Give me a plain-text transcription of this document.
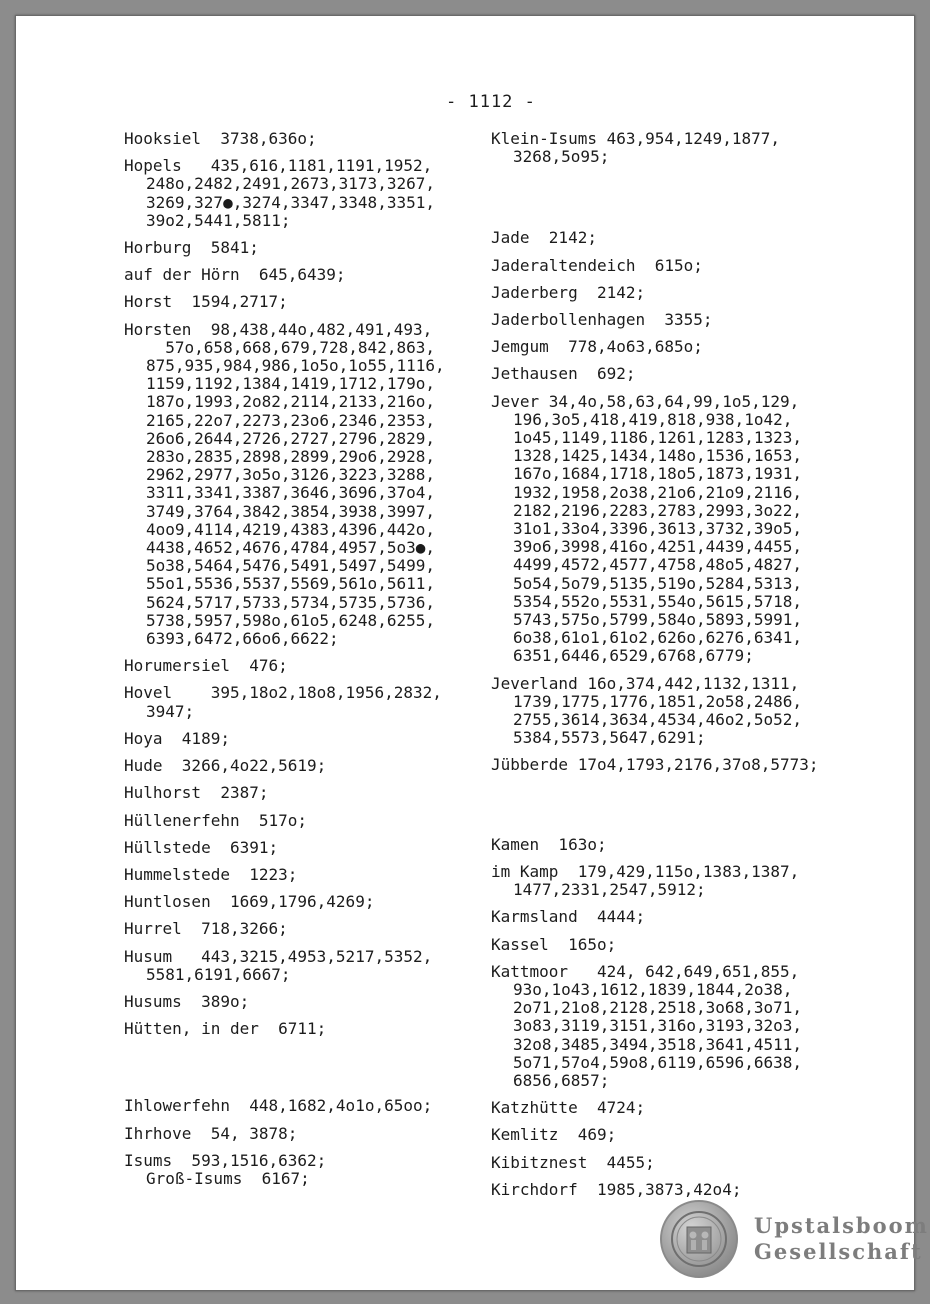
- 1112 -
Hooksiel  3738,636o;
Hopels   435,616,1181,1191,1952,
248o,2482,2491,2673,3173,3267,
3269,327●,3274,3347,3348,3351,
39o2,5441,5811;
Horburg  5841;
auf der Hörn  645,6439;
Horst  1594,2717;
Horsten  98,438,44o,482,491,493,
57o,658,668,679,728,842,863,
875,935,984,986,1o5o,1o55,1116,
1159,1192,1384,1419,1712,179o,
187o,1993,2o82,2114,2133,216o,
2165,22o7,2273,23o6,2346,2353,
26o6,2644,2726,2727,2796,2829,
283o,2835,2898,2899,29o6,2928,
2962,2977,3o5o,3126,3223,3288,
3311,3341,3387,3646,3696,37o4,
3749,3764,3842,3854,3938,3997,
4oo9,4114,4219,4383,4396,442o,
4438,4652,4676,4784,4957,5o3●,
5o38,5464,5476,5491,5497,5499,
55o1,5536,5537,5569,561o,5611,
5624,5717,5733,5734,5735,5736,
5738,5957,598o,61o5,6248,6255,
6393,6472,66o6,6622;
Horumersiel  476;
Hovel    395,18o2,18o8,1956,2832,
3947;
Hoya  4189;
Hude  3266,4o22,5619;
Hulhorst  2387;
Hüllenerfehn  517o;
Hüllstede  6391;
Hummelstede  1223;
Huntlosen  1669,1796,4269;
Hurrel  718,3266;
Husum   443,3215,4953,5217,5352,
5581,6191,6667;
Husums  389o;
Hütten, in der  6711;
Ihlowerfehn  448,1682,4o1o,65oo;
Ihrhove  54, 3878;
Isums  593,1516,6362;
Groß-Isums  6167;
Klein-Isums 463,954,1249,1877,
3268,5o95;
Jade  2142;
Jaderaltendeich  615o;
Jaderberg  2142;
Jaderbollenhagen  3355;
Jemgum  778,4o63,685o;
Jethausen  692;
Jever 34,4o,58,63,64,99,1o5,129,
196,3o5,418,419,818,938,1o42,
1o45,1149,1186,1261,1283,1323,
1328,1425,1434,148o,1536,1653,
167o,1684,1718,18o5,1873,1931,
1932,1958,2o38,21o6,21o9,2116,
2182,2196,2283,2783,2993,3o22,
31o1,33o4,3396,3613,3732,39o5,
39o6,3998,416o,4251,4439,4455,
4499,4572,4577,4758,48o5,4827,
5o54,5o79,5135,519o,5284,5313,
5354,552o,5531,554o,5615,5718,
5743,575o,5799,584o,5893,5991,
6o38,61o1,61o2,626o,6276,6341,
6351,6446,6529,6768,6779;
Jeverland 16o,374,442,1132,1311,
1739,1775,1776,1851,2o58,2486,
2755,3614,3634,4534,46o2,5o52,
5384,5573,5647,6291;
Jübberde 17o4,1793,2176,37o8,5773;
Kamen  163o;
im Kamp  179,429,115o,1383,1387,
1477,2331,2547,5912;
Karmsland  4444;
Kassel  165o;
Kattmoor   424, 642,649,651,855,
93o,1o43,1612,1839,1844,2o38,
2o71,21o8,2128,2518,3o68,3o71,
3o83,3119,3151,316o,3193,32o3,
32o8,3485,3494,3518,3641,4511,
5o71,57o4,59o8,6119,6596,6638,
6856,6857;
Katzhütte  4724;
Kemlitz  469;
Kibitznest  4455;
Kirchdorf  1985,3873,42o4;
Upstalsboom
Gesellschaft
